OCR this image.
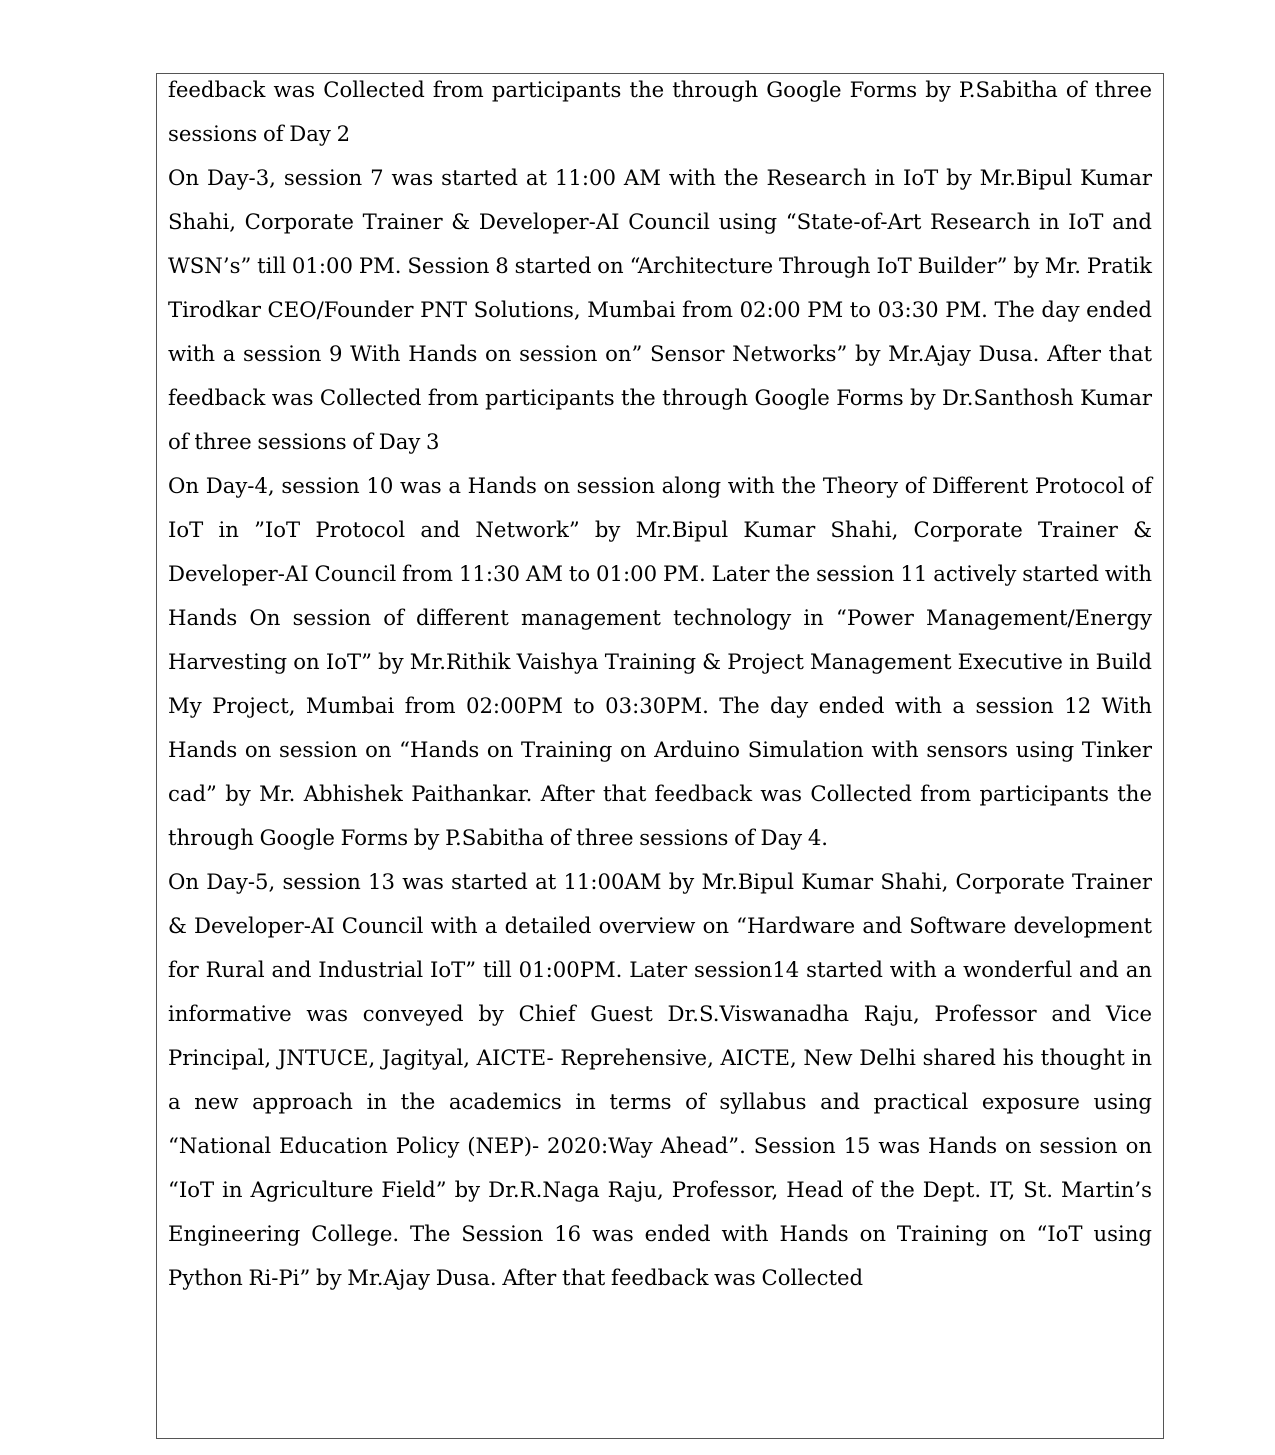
feedback was Collected from participants the through Google Forms by P.Sabitha of three sessions of Day 2

On Day-3, session 7 was started at 11:00 AM with the Research in IoT by Mr.Bipul Kumar Shahi, Corporate Trainer & Developer-AI Council using “State-of-Art Research in IoT and WSN’s” till 01:00 PM. Session 8 started on “Architecture Through IoT Builder” by Mr. Pratik Tirodkar CEO/Founder PNT Solutions, Mumbai from 02:00 PM to 03:30 PM. The day ended with a session 9 With Hands on session on” Sensor Networks” by Mr.Ajay Dusa. After that feedback was Collected from participants the through Google Forms by Dr.Santhosh Kumar of three sessions of Day 3

On Day-4, session 10 was a Hands on session along with the Theory of Different Protocol of IoT in ”IoT Protocol and Network” by Mr.Bipul Kumar Shahi, Corporate Trainer & Developer-AI Council from 11:30 AM to 01:00 PM. Later the session 11 actively started with Hands On session of different management technology in “Power Management/Energy Harvesting on IoT” by Mr.Rithik Vaishya Training & Project Management Executive in Build My Project, Mumbai from 02:00PM to 03:30PM. The day ended with a session 12 With Hands on session on “Hands on Training on Arduino Simulation with sensors using Tinker cad” by Mr. Abhishek Paithankar. After that feedback was Collected from participants the through Google Forms by P.Sabitha of three sessions of Day 4.

On Day-5, session 13 was started at 11:00AM by Mr.Bipul Kumar Shahi, Corporate Trainer & Developer-AI Council with a detailed overview on “Hardware and Software development for Rural and Industrial IoT” till 01:00PM. Later session14 started with a wonderful and an informative was conveyed by Chief Guest Dr.S.Viswanadha Raju, Professor and Vice Principal, JNTUCE, Jagityal, AICTE- Reprehensive, AICTE, New Delhi shared his thought in a new approach in the academics in terms of syllabus and practical exposure using “National Education Policy (NEP)- 2020:Way Ahead”. Session 15 was Hands on session on “IoT in Agriculture Field” by Dr.R.Naga Raju, Professor, Head of the Dept. IT, St. Martin’s Engineering College. The Session 16 was ended with Hands on Training on “IoT using Python Ri-Pi” by Mr.Ajay Dusa. After that feedback was Collected
